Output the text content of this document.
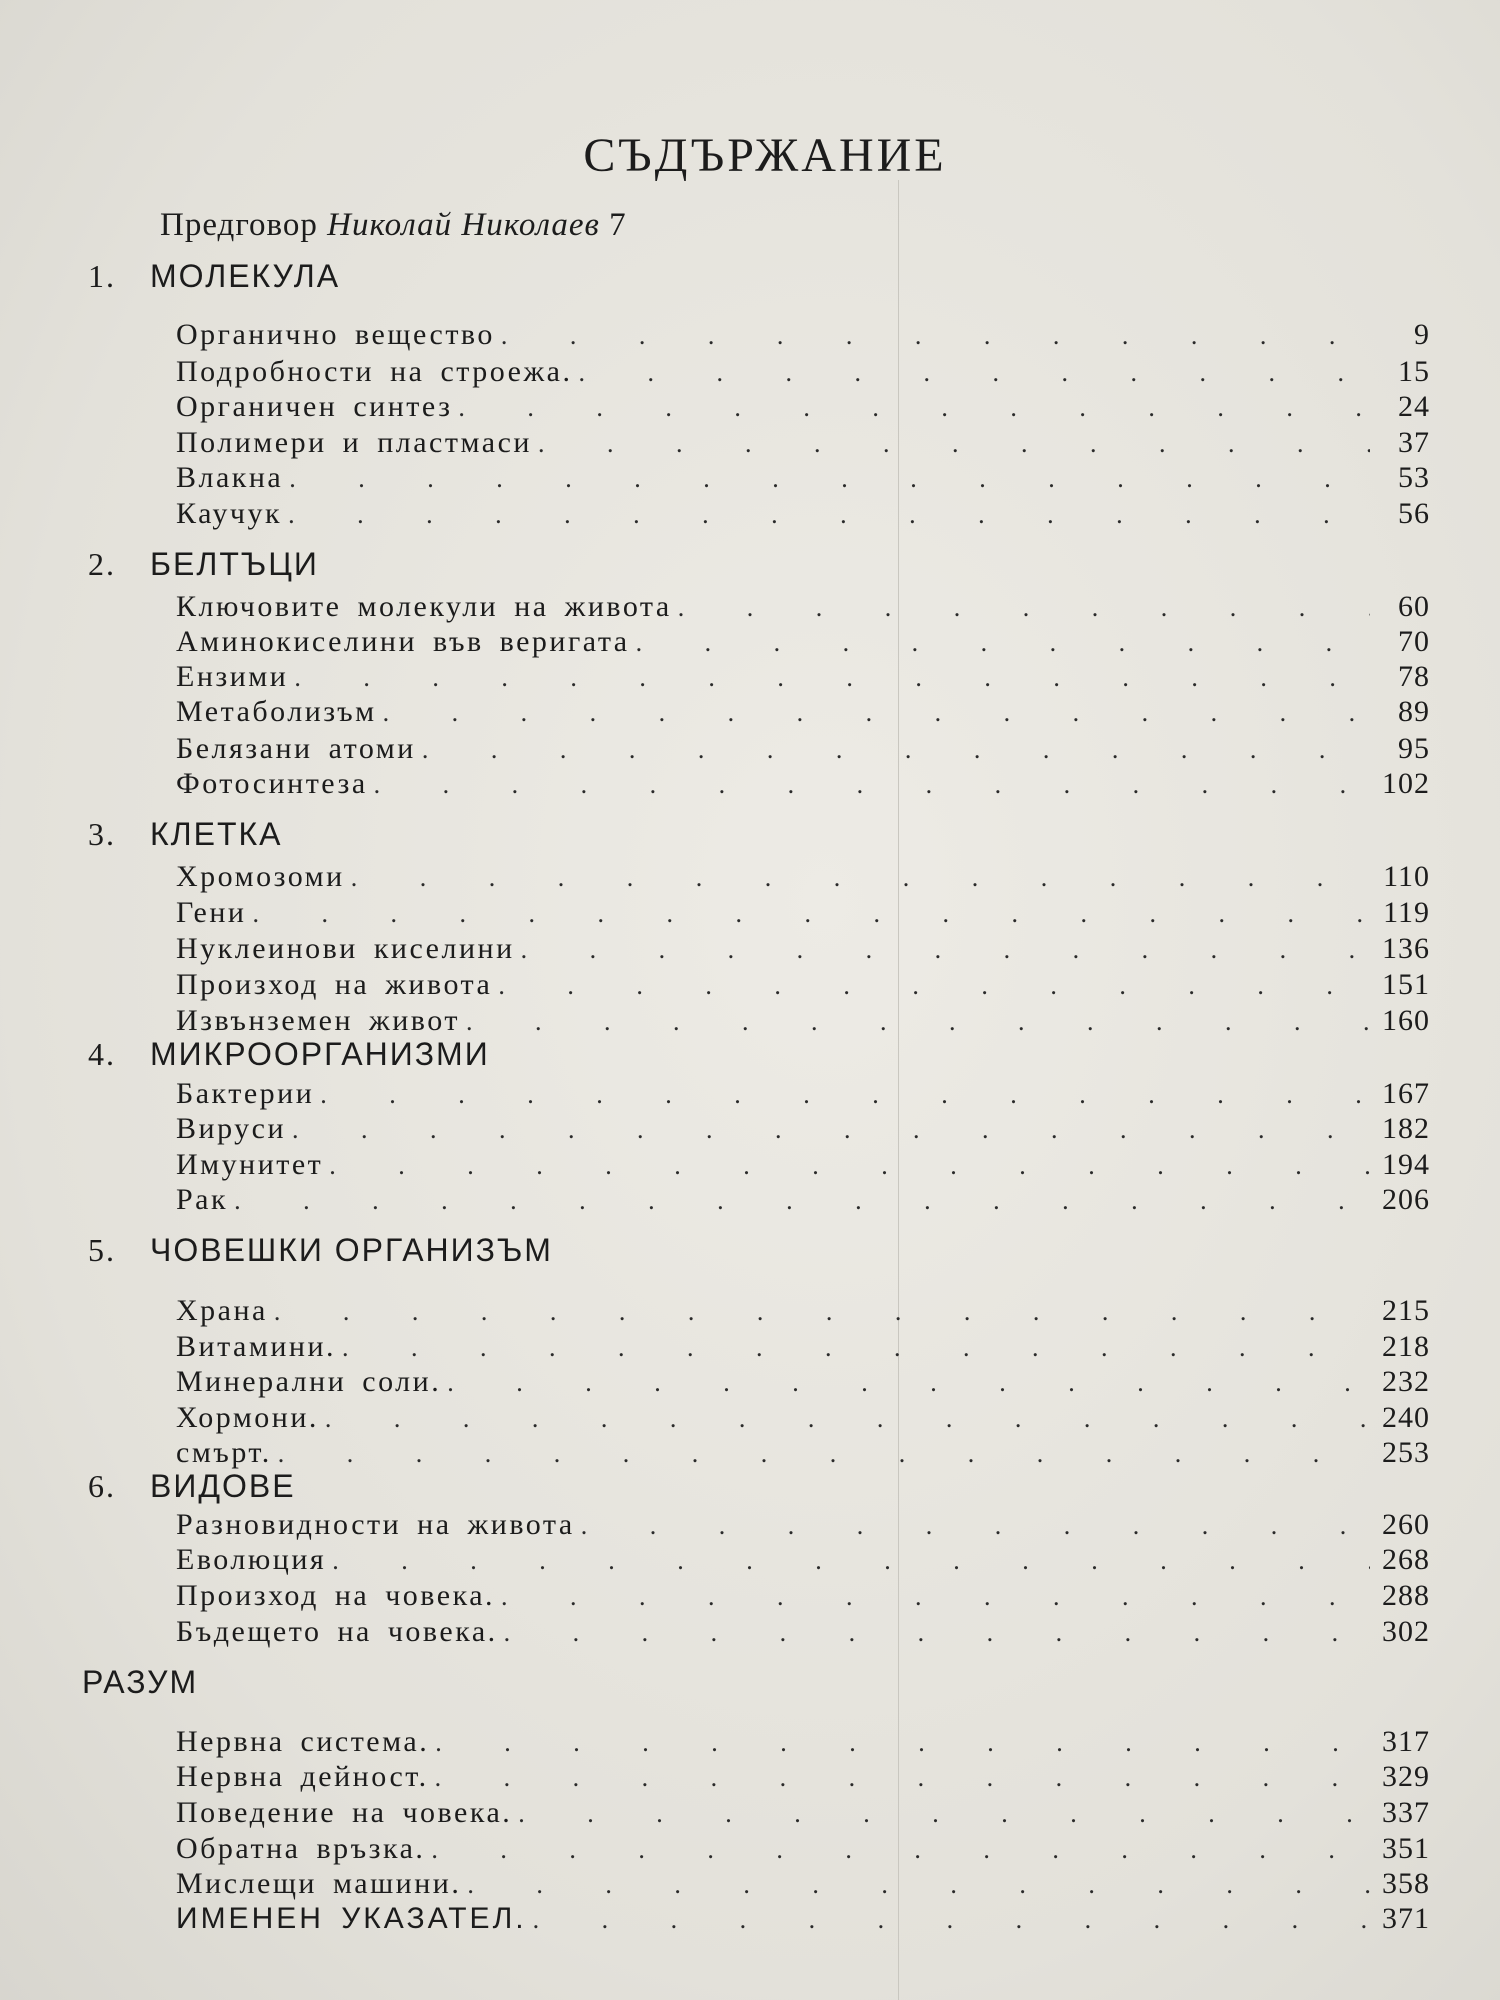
СЪДЪРЖАНИЕ
Предговор Николай Николаев 7
1. МОЛЕКУЛА
Органично вещество . . .	9
Подробности на строежа. . . .	15
Органичен синтез . . .	24
Полимери и пластмаси . . .	37
Влакна . . .	53
Каучук . . .	56
2. БЕЛТЪЦИ
Ключовите молекули на живота . . .	60
Аминокиселини във веригата . . .	70
Ензими . . .	78
Метаболизъм . . .	89
Белязани атоми . . .	95
Фотосинтеза . . .	102
3. КЛЕТКА
Хромозоми . . .	110
Гени . . .	119
Нуклеинови киселини . . .	136
Произход на живота . . .	151
Извънземен живот . . .	160
4. МИКРООРГАНИЗМИ
Бактерии . . .	167
Вируси . . .	182
Имунитет . . .	194
Рак . . .	206
5. ЧОВЕШКИ ОРГАНИЗЪМ
Храна . . .	215
Витамини. . . .	218
Минерални соли. . . .	232
Хормони. . . .	240
смърт. . . .	253
6. ВИДОВЕ
Разновидности на живота . . .	260
Еволюция . . .	268
Произход на човека. . . .	288
Бъдещето на човека. . . .	302
РАЗУМ
Нервна система. . . .	317
Нервна дейност. . . .	329
Поведение на човека. . . .	337
Обратна връзка. . . .	351
Мислещи машини. . . .	358
ИМЕНЕН УКАЗАТЕЛ. . . .	371
